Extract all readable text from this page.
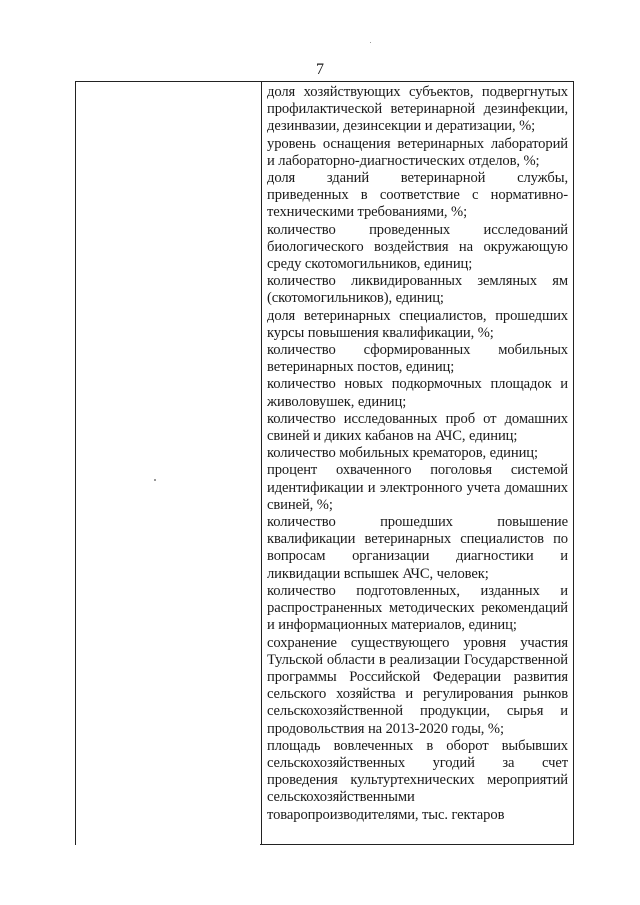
7

доля хозяйствующих субъектов, подвергнутых профилактической ветеринарной дезинфекции, дезинвазии, дезинсекции и дератизации, %;

уровень оснащения ветеринарных лабораторий и лабораторно-диагностических отделов, %;

доля зданий ветеринарной службы, приведенных в соответствие с нормативно-техническими требованиями, %;

количество проведенных исследований биологического воздействия на окружающую среду скотомогильников, единиц;

количество ликвидированных земляных ям (скотомогильников), единиц;

доля ветеринарных специалистов, прошедших курсы повышения квалификации, %;

количество сформированных мобильных ветеринарных постов, единиц;

количество новых подкормочных площадок и живоловушек, единиц;

количество исследованных проб от домашних свиней и диких кабанов на АЧС, единиц;

количество мобильных крематоров, единиц;

процент охваченного поголовья системой идентификации и электронного учета домашних свиней, %;

количество прошедших повышение квалификации ветеринарных специалистов по вопросам организации диагностики и ликвидации вспышек АЧС, человек;

количество подготовленных, изданных и распространенных методических рекомендаций и информационных материалов, единиц;

сохранение существующего уровня участия Тульской области в реализации Государственной программы Российской Федерации развития сельского хозяйства и регулирования рынков сельскохозяйственной продукции, сырья и продовольствия на 2013-2020 годы, %;

площадь вовлеченных в оборот выбывших сельскохозяйственных угодий за счет проведения культуртехнических мероприятий сельскохозяйственными товаропроизводителями, тыс. гектаров
